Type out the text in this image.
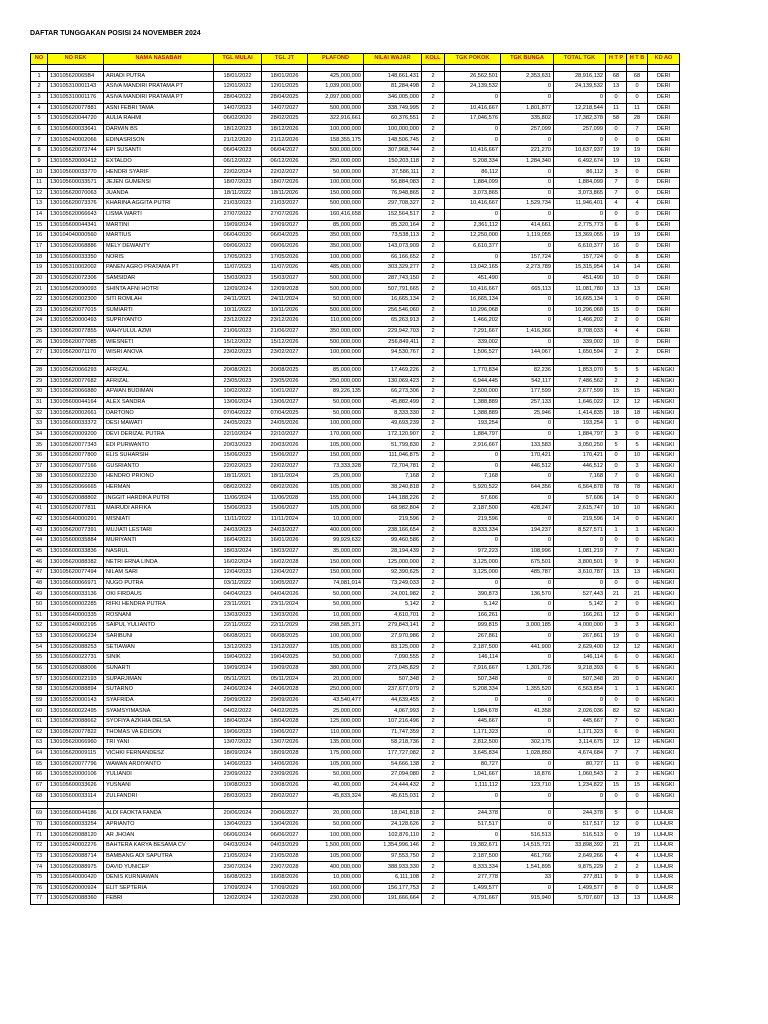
DAFTAR TUNGGAKAN POSISI 24 NOVEMBER 2024
NO	NO REK	NAMA NASABAH	TGL MULAI	TGL JT	PLAFOND	NILAI WAJAR	KOLL	TGK POKOK	TGK BUNGA	TOTAL TGK	H T P	H T B	KD AO

1	130105620065B4	ARIADI PUTRA	18/01/2022	18/01/2026	425,000,000	148,661,431	2	26,562,501	2,353,631	28,916,132	68	68	DERI
2	130105310001143	ASIVA MANDIRI PRATAMA PT	12/01/2022	12/01/2025	1,039,000,000	81,284,498	2	24,139,532	0	24,139,532	13	0	DERI
3	130105310001176	ASIVA MANDIRI PRATAMA PT	28/04/2022	28/04/2025	2,097,000,000	346,005,000	2	0	0	0	0	0	DERI
4	130105620077881	ASNI FEBRI TAMA	14/07/2023	14/07/2027	500,000,000	338,749,995	2	10,416,667	1,801,877	12,218,544	11	11	DERI
5	130105620044720	AULIA RAHMI	06/02/2020	28/02/2025	322,916,661	60,376,551	2	17,046,576	335,802	17,382,378	58	28	DERI
6	130105600033641	DARWIN BS	18/12/2023	18/12/2026	100,000,000	100,000,000	2	0	257,099	257,099	0	7	DERI
7	130105240002066	EDINASRISON	21/12/2020	21/12/2026	158,355,175	148,506,745	2	0	0	0	0	0	DERI
8	130105620073744	EPI SUSANTI	06/04/2023	06/04/2027	500,000,000	307,968,744	2	10,416,667	221,270	10,637,937	19	19	DERI
9	130105520000412	EXTALDO	06/12/2022	06/12/2026	250,000,000	150,203,118	2	5,208,334	1,284,340	6,492,674	19	19	DERI
10	130105600033770	HENDRI SYARIF	22/02/2024	22/02/2027	50,000,000	37,586,111	2	86,112	0	86,112	3	0	DERI
11	130105600033571	JEJEN GUMENSI	18/07/2023	18/07/2026	100,000,000	56,884,083	2	1,884,099	0	1,884,099	7	0	DERI
12	130105620070063	JUANDA	18/11/2022	18/11/2026	150,000,000	76,948,865	2	3,073,865	0	3,073,865	7	0	DERI
13	130105620073376	KHARINA AGGITA PUTRI	21/03/2023	21/03/2027	500,000,000	297,708,327	2	10,416,667	1,529,734	11,946,401	4	4	DERI
14	130105620066643	LISMA WARTI	27/07/2022	27/07/2026	160,416,658	152,564,517	2	0	0	0	0	0	DERI
15	130105600044341	MARTINI	19/09/2024	19/09/2027	85,000,000	85,320,164	2	2,361,112	414,661	2,775,773	6	6	DERI
16	130104040000560	MARTIUS	06/04/2020	06/04/2025	350,000,000	73,538,113	2	12,250,000	1,119,055	13,369,055	19	19	DERI
17	130105620068886	MELY DEWANTY	09/06/2022	09/06/2026	350,000,000	143,073,909	2	6,610,377	0	6,610,377	16	0	DERI
18	130105600033350	NORIS	17/05/2023	17/05/2026	100,000,000	66,166,652	2	0	157,724	157,724	0	8	DERI
19	130105310002002	PANEN AGRO PRATAMA PT	11/07/2023	11/07/2026	485,000,000	303,329,277	2	13,042,165	2,273,789	15,315,954	14	14	DERI
20	130105620072306	SAMSIDAR	15/03/2023	15/03/2027	500,000,000	287,743,150	2	451,490	0	451,490	10	0	DERI
21	130105620090093	SHINTA AFNI HOTRI	12/09/2024	12/09/2028	500,000,000	507,791,665	2	10,416,667	665,113	11,081,780	13	13	DERI
22	130105620002300	SITI ROMLAH	24/11/2021	24/11/2024	50,000,000	16,665,134	2	16,665,134	0	16,665,134	1	0	DERI
23	130105620077015	SUMIARTI	10/11/2022	10/11/2026	500,000,000	256,546,060	2	10,296,068	0	10,296,068	15	0	DERI
24	130105520000493	SUPRIYANTO	23/12/2022	23/12/2026	110,000,000	65,263,913	2	1,466,202	0	1,466,202	2	0	DERI
25	130105620077855	WAHYULUL AZMI	21/06/2023	21/06/2027	350,000,000	229,942,703	2	7,291,667	1,416,366	8,708,033	4	4	DERI
26	130105620077085	WIESNETI	15/12/2022	15/12/2026	500,000,000	256,849,411	2	339,002	0	339,002	10	0	DERI
27	130105620071170	WISRI ANOVA	23/02/2023	23/02/2027	100,000,000	94,530,767	2	1,506,527	144,067	1,650,594	2	2	DERI

28	130105620066293	AFRIZAL	20/08/2021	20/08/2025	85,000,000	17,469,226	2	1,770,834	82,236	1,853,070	5	5	HENGKI
29	130105620077682	AFRIZAL	23/05/2023	23/05/2026	250,000,000	130,069,423	2	6,944,445	542,117	7,486,562	2	2	HENGKI
30	130105620066880	AFWAN BUDIMAN	10/02/2022	10/01/2027	89,226,135	66,273,306	2	2,500,000	177,599	2,677,599	15	15	HENGKI
31	130105600044164	ALEX SANDRA	13/06/2024	13/06/2027	50,000,000	45,882,499	2	1,388,889	257,133	1,646,022	12	12	HENGKI
32	130105620002661	DARTONO	07/04/2022	07/04/2025	50,000,000	8,333,330	2	1,388,889	25,946	1,414,835	18	18	HENGKI
33	130105600033372	DESI MAWATI	24/05/2023	24/05/2026	100,000,000	49,693,239	2	193,254	0	193,254	1	0	HENGKI
34	130105620009200	DEVI DERIZAL PUTRA	22/10/2024	22/10/2027	170,000,000	172,120,907	2	1,884,797	0	1,884,797	3	0	HENGKI
35	130105620077343	EDI PURWANTO	20/03/2023	20/03/2026	105,000,000	51,799,830	2	2,916,667	133,583	3,050,250	5	5	HENGKI
36	130105620077800	ELIS SUHARSIH	15/06/2023	15/06/2027	150,000,000	111,046,875	2	0	170,421	170,421	0	10	HENGKI
37	130105620077166	GUSRIANTO	22/02/2023	22/02/2027	73,333,328	72,704,781	2	0	446,512	446,512	0	3	HENGKI
38	130105600022230	HENDRO PRIONO	18/11/2021	18/11/2024	25,000,000	7,168	2	7,168	0	7,168	7	0	HENGKI
39	130105620066665	HERMAN	08/02/2022	08/02/2026	105,000,000	38,240,818	2	5,920,522	644,356	6,564,878	78	78	HENGKI
40	130105620088802	INGGIT HARDIKA PUTRI	11/06/2024	11/06/2028	155,000,000	144,188,226	2	57,606	0	57,606	14	0	HENGKI
41	130105620077811	MAIRUDI ARFIKA	15/06/2023	15/06/2027	105,000,000	68,982,804	2	2,187,500	428,247	2,615,747	10	10	HENGKI
42	130105640000291	MISNIATI	11/11/2022	11/11/2024	10,000,000	219,596	2	219,596	0	219,596	14	0	HENGKI
43	130105620077391	MUJIATI LESTARI	24/03/2023	24/03/2027	400,000,000	238,166,654	2	8,333,334	194,237	8,527,571	1	1	HENGKI
44	130105600035884	MURIYANTI	16/04/2021	16/01/2026	99,929,632	99,460,586	2	0	0	0	0	0	HENGKI
45	130105600033836	NASRUL	18/03/2024	18/03/2027	35,000,000	28,194,439	2	972,223	108,996	1,081,219	7	7	HENGKI
46	130105620088382	NETRI ERNA LINDA	16/02/2024	16/02/2028	150,000,000	125,000,000	2	3,125,000	675,501	3,800,501	9	9	HENGKI
47	130105620077494	NILAM SARI	12/04/2023	12/04/2027	150,000,000	92,390,625	2	3,125,000	485,787	3,610,787	13	13	HENGKI
48	130105600066971	NUGO PUTRA	03/11/2022	10/05/2027	74,081,014	73,249,033	2	0	0	0	0	0	HENGKI
49	130105600033136	OKI FIRDAUS	04/04/2023	04/04/2026	50,000,000	24,001,982	2	390,873	136,570	527,443	21	21	HENGKI
50	130105600002285	RIFKI HENDRA PUTRA	23/11/2021	23/11/2024	50,000,000	5,142	2	5,142	0	5,142	2	0	HENGKI
51	130105640000335	ROSNANI	13/03/2023	13/03/2026	10,000,000	4,610,701	2	166,261	0	166,261	12	0	HENGKI
52	130105240002195	SAIPUL YULIANTO	22/11/2022	22/11/2029	298,585,371	279,843,141	2	999,815	3,000,185	4,000,000	3	3	HENGKI
53	130105620066234	SARIBUNI	06/08/2021	06/08/2025	100,000,000	27,970,986	2	267,861	0	267,861	19	0	HENGKI
54	130105620088253	SETIAWAN	13/12/2023	13/12/2027	105,000,000	83,125,000	2	2,187,500	441,900	2,629,400	12	12	HENGKI
55	130105600022731	SINIK	19/04/2022	19/04/2025	50,000,000	7,090,555	2	146,114	0	146,114	6	0	HENGKI
56	130105620088006	SUNARTI	19/09/2024	19/09/2028	380,000,000	273,045,829	2	7,916,667	1,301,726	9,218,393	6	6	HENGKI
57	130105600022193	SUPARJIMAN	05/11/2021	05/11/2024	20,000,000	507,348	2	507,348	0	507,348	20	0	HENGKI
58	130105620088894	SUTARNO	24/06/2024	24/06/2028	250,000,000	237,677,079	2	5,208,334	1,355,520	6,563,854	1	1	HENGKI
59	130105520000143	SYAFRIDA	29/09/2022	29/09/2026	43,540,477	44,639,455	2	0	0	0	0	0	HENGKI
60	130105600022495	SYAMSYIMASNA	04/02/2022	04/02/2025	25,000,000	4,067,993	2	1,984,678	41,358	2,026,036	82	52	HENGKI
61	130105620088662	SYOFIYA AZKHIA DELSA	18/04/2024	18/04/2028	125,000,000	107,216,496	2	445,667	0	445,667	7	0	HENGKI
62	130105620077822	THOMAS VA EDISON	19/06/2023	19/06/2027	110,000,000	71,747,359	2	1,171,323	0	1,171,323	6	0	HENGKI
63	130105620066960	TRI YANI	13/07/2022	13/07/2026	135,000,000	58,218,736	2	2,812,500	302,175	3,114,675	12	12	HENGKI
64	130105620009115	VICHKI FERNANDESZ	18/09/2024	18/09/2028	175,000,000	177,727,082	2	3,645,834	1,028,850	4,674,684	7	7	HENGKI
65	130105620077796	WAWAN ARDIYANTO	14/06/2023	14/06/2026	105,000,000	54,666,138	2	80,727	0	80,727	11	0	HENGKI
66	130105520000106	YULIANDI	23/09/2022	23/09/2026	50,000,000	27,094,080	2	1,041,667	18,876	1,060,543	2	2	HENGKI
67	130105600033626	YUSNANI	10/08/2023	10/08/2026	40,000,000	24,444,432	2	1,111,112	123,710	1,234,822	15	15	HENGKI
68	130105600033114	ZULFANDRI	28/03/2023	28/02/2027	45,833,324	45,615,031	2	0	0	0	0	0	HENGKI

69	130105600044186	ALDI FAOKTA FANDA	20/06/2024	20/06/2027	20,000,000	18,041,818	2	244,378	0	244,378	5	0	LUHUR
70	130105600033254	APRIANTO	13/04/2023	13/04/2026	50,000,000	24,128,626	2	517,517	0	517,517	12	0	LUHUR
71	130105620088120	AR JHOAN	06/06/2024	06/06/2027	100,000,000	102,876,110	2	0	516,513	516,513	0	19	LUHUR
72	130105240002276	BAHTERA KARYA BESAMA CV	04/03/2024	04/03/2029	1,500,000,000	1,354,996,146	2	19,382,671	14,515,721	33,898,392	21	21	LUHUR
73	130105620088714	BAMBANG ADI SAPUTRA	21/05/2024	21/05/2028	105,000,000	97,553,750	2	2,187,500	461,766	2,649,266	4	4	LUHUR
74	130105620088975	DAVID YUNICEP	23/07/2024	23/07/2028	400,000,000	388,933,330	2	8,333,334	1,541,895	9,875,229	2	2	LUHUR
75	130105640000420	DENIS KURNIAWAN	16/08/2023	16/08/2026	10,000,000	6,111,108	2	277,778	33	277,811	9	9	LUHUR
76	130105620000924	ELIT SEPTERIA	17/09/2024	17/09/2029	160,000,000	156,177,753	2	1,499,577	0	1,499,577	8	0	LUHUR
77	130105620088360	FEBRI	12/02/2024	12/02/2028	230,000,000	191,666,664	2	4,791,667	915,940	5,707,607	13	13	LUHUR
